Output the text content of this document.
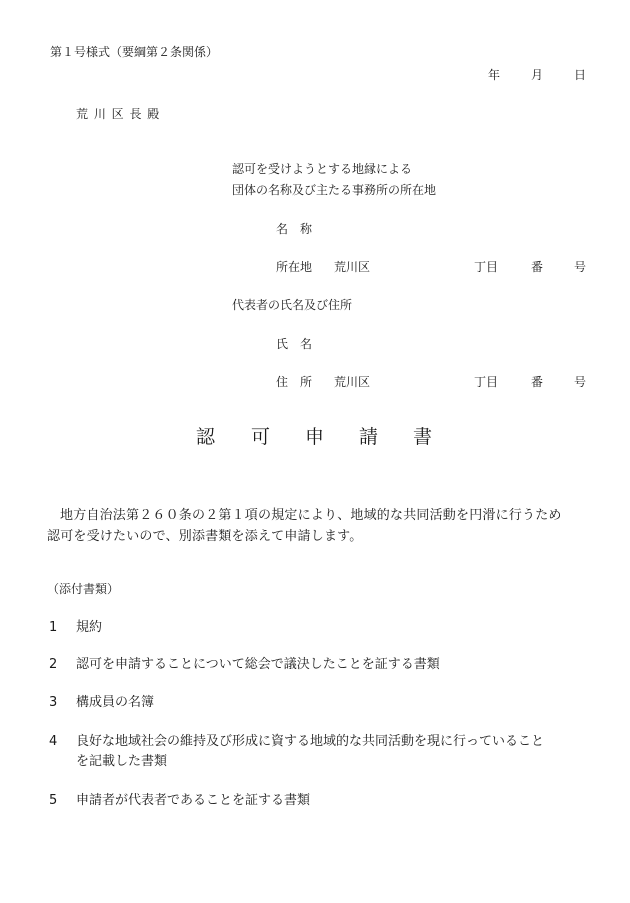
第１号様式（要綱第２条関係）
年	月	日
荒 川 区 長 殿
認可を受けようとする地縁による
団体の名称及び主たる事務所の所在地
名　称
所在地 荒川区	丁目	番	号
代表者の氏名及び住所
氏　名
住　所 荒川区	丁目	番	号
認 可 申 請 書
地方自治法第２６０条の２第１項の規定により、地域的な共同活動を円滑に行うため
認可を受けたいので、別添書類を添えて申請します。
（添付書類）
1 規約
2 認可を申請することについて総会で議決したことを証する書類
3 構成員の名簿
4 良好な地域社会の維持及び形成に資する地域的な共同活動を現に行っていること
を記載した書類
5 申請者が代表者であることを証する書類
